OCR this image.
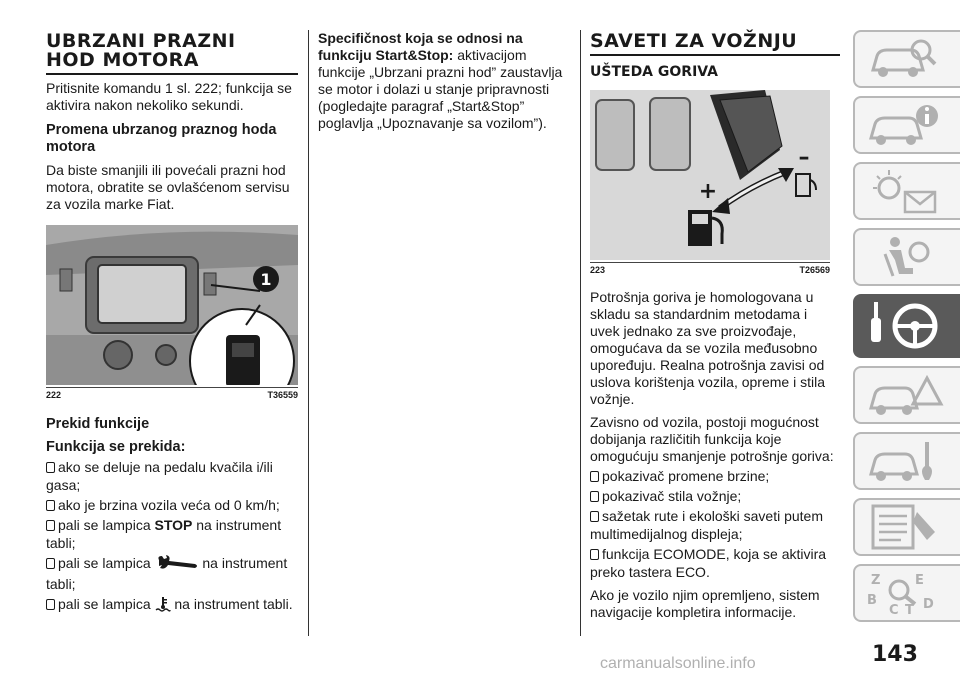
UBRZANI PRAZNI
HOD MOTORA

Pritisnite komandu 1 sl. 222; funkcija se aktivira nakon nekoliko sekundi.

Promena ubrzanog praznog hoda motora

Da biste smanjili ili povećali prazni hod motora, obratite se ovlašćenom servisu za vozila marke Fiat.

1
222	T36559
Prekid funkcije
Funkcija se prekida:
ako se deluje na pedalu kvačila i/ili gasa;
ako je brzina vozila veća od 0 km/h;
pali se lampica STOP na instrument tabli;
pali se lampica	na instrument tabli;
pali se lampica  na instrument tabli.

Specifičnost koja se odnosi na funkciju Start&Stop: aktivacijom funkcije „Ubrzani prazni hod” zaustavlja se motor i dolazi u stanje pripravnosti (pogledajte paragraf „Start&Stop” poglavlja „Upoznavanje sa vozilom”).

SAVETI ZA VOŽNJU
UŠTEDA GORIVA
+
–
223	T26569

Potrošnja goriva je homologovana u skladu sa standardnim metodama i uvek jednako za sve proizvođaje, omogućava da se vozila međusobno upoređuju. Realna potrošnja zavisi od uslova korištenja vozila, opreme i stila vožnje.

Zavisno od vozila, postoji mogućnost dobijanja različitih funkcija koje omogućuju smanjenje potrošnje goriva:

pokazivač promene brzine;
pokazivač stila vožnje;
sažetak rute i ekološki saveti putem multimedijalnog displeja;
funkcija ECOMODE, koja se aktivira preko tastera ECO.

Ako je vozilo njim opremljeno, sistem navigacije kompletira informacije.

Z	E
B
C T D
143
carmanualsonline.info
